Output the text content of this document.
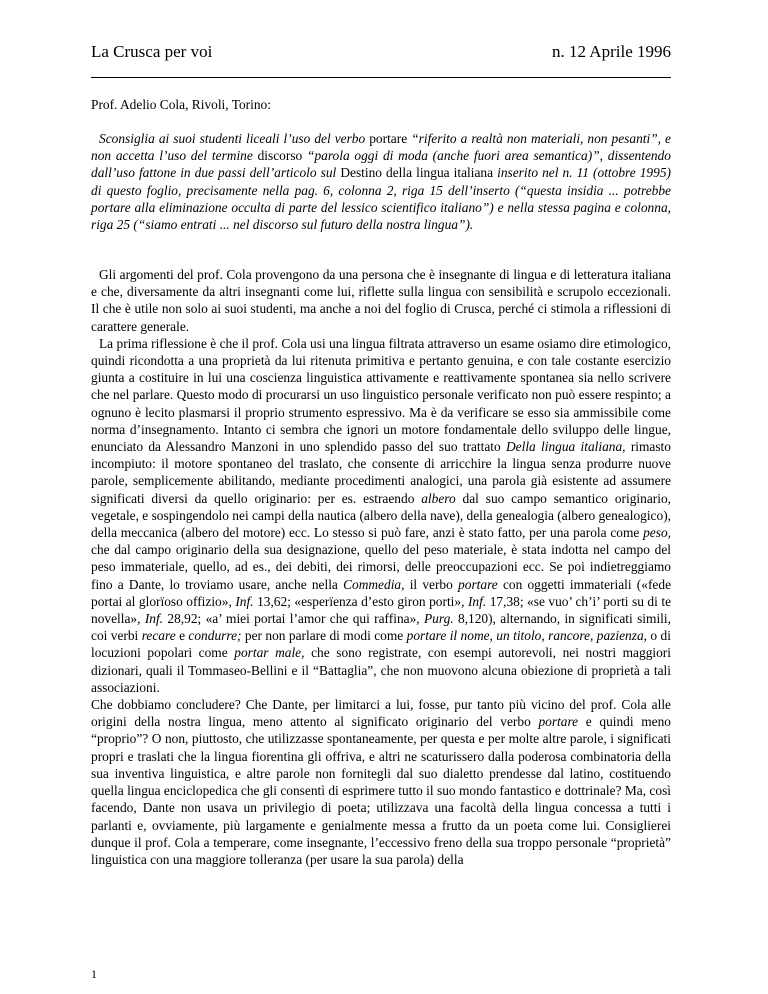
La Crusca per voi	n. 12 Aprile 1996
Prof. Adelio Cola, Rivoli, Torino:

Sconsiglia ai suoi studenti liceali l’uso del verbo portare “riferito a realtà non materiali, non pesanti”, e non accetta l’uso del termine discorso “parola oggi di moda (anche fuori area semantica)”, dissentendo dall’uso fattone in due passi dell’articolo sul Destino della lingua italiana inserito nel n. 11 (ottobre 1995) di questo foglio, precisamente nella pag. 6, colonna 2, riga 15 dell’inserto (“questa insidia ... potrebbe portare alla eliminazione occulta di parte del lessico scientifico italiano”) e nella stessa pagina e colonna, riga 25 (“siamo entrati ... nel discorso sul futuro della nostra lingua”).

Gli argomenti del prof. Cola provengono da una persona che è insegnante di lingua e di letteratura italiana e che, diversamente da altri insegnanti come lui, riflette sulla lingua con sensibilità e scrupolo eccezionali. Il che è utile non solo ai suoi studenti, ma anche a noi del foglio di Crusca, perché ci stimola a riflessioni di carattere generale.

La prima riflessione è che il prof. Cola usi una lingua filtrata attraverso un esame osiamo dire etimologico, quindi ricondotta a una proprietà da lui ritenuta primitiva e pertanto genuina, e con tale costante esercizio giunta a costituire in lui una coscienza linguistica attivamente e reattivamente spontanea sia nello scrivere che nel parlare. Questo modo di procurarsi un uso linguistico personale verificato non può essere respinto; a ognuno è lecito plasmarsi il proprio strumento espressivo. Ma è da verificare se esso sia ammissibile come norma d’insegnamento. Intanto ci sembra che ignori un motore fondamentale dello sviluppo delle lingue, enunciato da Alessandro Manzoni in uno splendido passo del suo trattato Della lingua italiana, rimasto incompiuto: il motore spontaneo del traslato, che consente di arricchire la lingua senza produrre nuove parole, semplicemente abilitando, mediante procedimenti analogici, una parola già esistente ad assumere significati diversi da quello originario: per es. estraendo albero dal suo campo semantico originario, vegetale, e sospingendolo nei campi della nautica (albero della nave), della genealogia (albero genealogico), della meccanica (albero del motore) ecc. Lo stesso si può fare, anzi è stato fatto, per una parola come peso, che dal campo originario della sua designazione, quello del peso materiale, è stata indotta nel campo del peso immateriale, quello, ad es., dei debiti, dei rimorsi, delle preoccupazioni ecc. Se poi indietreggiamo fino a Dante, lo troviamo usare, anche nella Commedia, il verbo portare con oggetti immateriali («fede portai al glorïoso offizio», Inf. 13,62; «esperïenza d’esto giron porti», Inf. 17,38; «se vuo’ ch’i’ porti su di te novella», Inf. 28,92; «a’ miei portai l’amor che qui raffina», Purg. 8,120), alternando, in significati simili, coi verbi recare e condurre; per non parlare di modi come portare il nome, un titolo, rancore, pazienza, o di locuzioni popolari come portar male, che sono registrate, con esempi autorevoli, nei nostri maggiori dizionari, quali il Tommaseo-Bellini e il “Battaglia”, che non muovono alcuna obiezione di proprietà a tali associazioni.

Che dobbiamo concludere? Che Dante, per limitarci a lui, fosse, pur tanto più vicino del prof. Cola alle origini della nostra lingua, meno attento al significato originario del verbo portare e quindi meno “proprio”? O non, piuttosto, che utilizzasse spontaneamente, per questa e per molte altre parole, i significati propri e traslati che la lingua fiorentina gli offriva, e altri ne scaturissero dalla poderosa combinatoria della sua inventiva linguistica, e altre parole non fornitegli dal suo dialetto prendesse dal latino, costituendo quella lingua enciclopedica che gli consentì di esprimere tutto il suo mondo fantastico e dottrinale? Ma, così facendo, Dante non usava un privilegio di poeta; utilizzava una facoltà della lingua concessa a tutti i parlanti e, ovviamente, più largamente e genialmente messa a frutto da un poeta come lui. Consiglierei dunque il prof. Cola a temperare, come insegnante, l’eccessivo freno della sua troppo personale “proprietà” linguistica con una maggiore tolleranza (per usare la sua parola) della

1
